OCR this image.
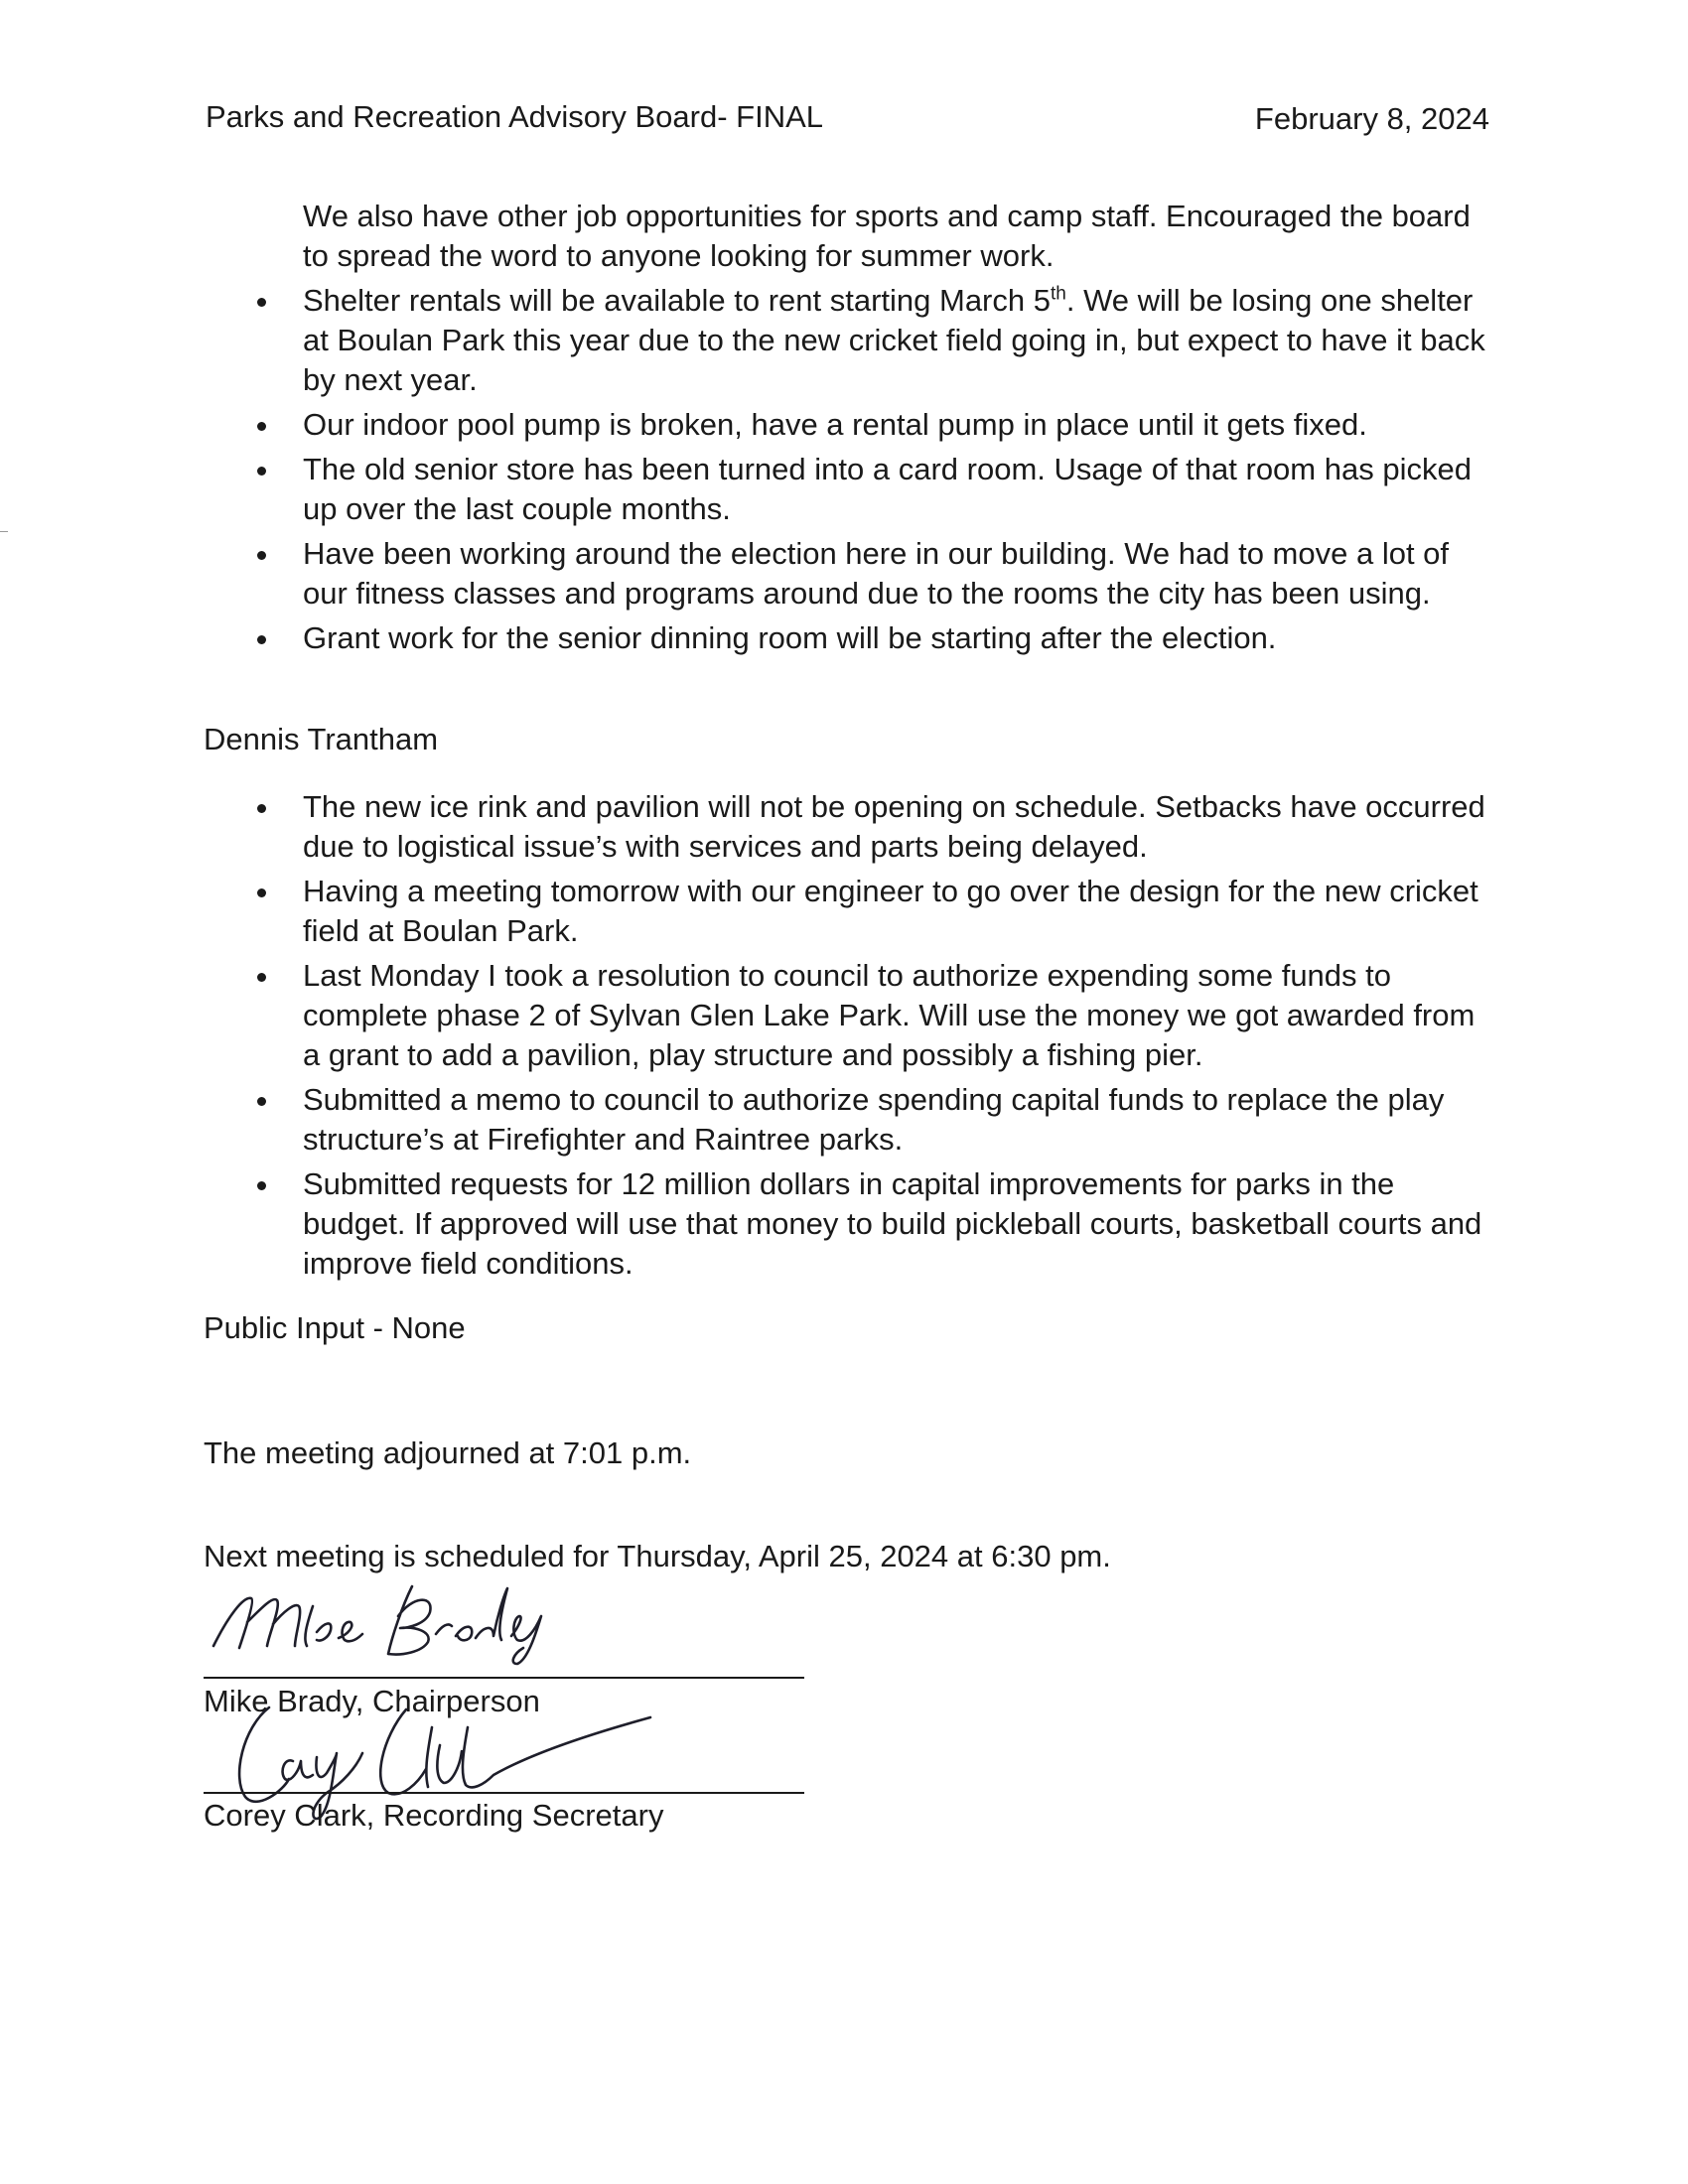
Parks and Recreation Advisory Board- FINAL	February 8, 2024
We also have other job opportunities for sports and camp staff. Encouraged the board to spread the word to anyone looking for summer work.
Shelter rentals will be available to rent starting March 5th. We will be losing one shelter at Boulan Park this year due to the new cricket field going in, but expect to have it back by next year.
Our indoor pool pump is broken, have a rental pump in place until it gets fixed.
The old senior store has been turned into a card room. Usage of that room has picked up over the last couple months.
Have been working around the election here in our building. We had to move a lot of our fitness classes and programs around due to the rooms the city has been using.
Grant work for the senior dinning room will be starting after the election.
Dennis Trantham
The new ice rink and pavilion will not be opening on schedule. Setbacks have occurred due to logistical issue’s with services and parts being delayed.
Having a meeting tomorrow with our engineer to go over the design for the new cricket field at Boulan Park.
Last Monday I took a resolution to council to authorize expending some funds to complete phase 2 of Sylvan Glen Lake Park. Will use the money we got awarded from a grant to add a pavilion, play structure and possibly a fishing pier.
Submitted a memo to council to authorize spending capital funds to replace the play structure’s at Firefighter and Raintree parks.
Submitted requests for 12 million dollars in capital improvements for parks in the budget. If approved will use that money to build pickleball courts, basketball courts and improve field conditions.
Public Input - None
The meeting adjourned at 7:01 p.m.
Next meeting is scheduled for Thursday, April 25, 2024 at 6:30 pm.
Mike Brady, Chairperson
Corey Clark, Recording Secretary
